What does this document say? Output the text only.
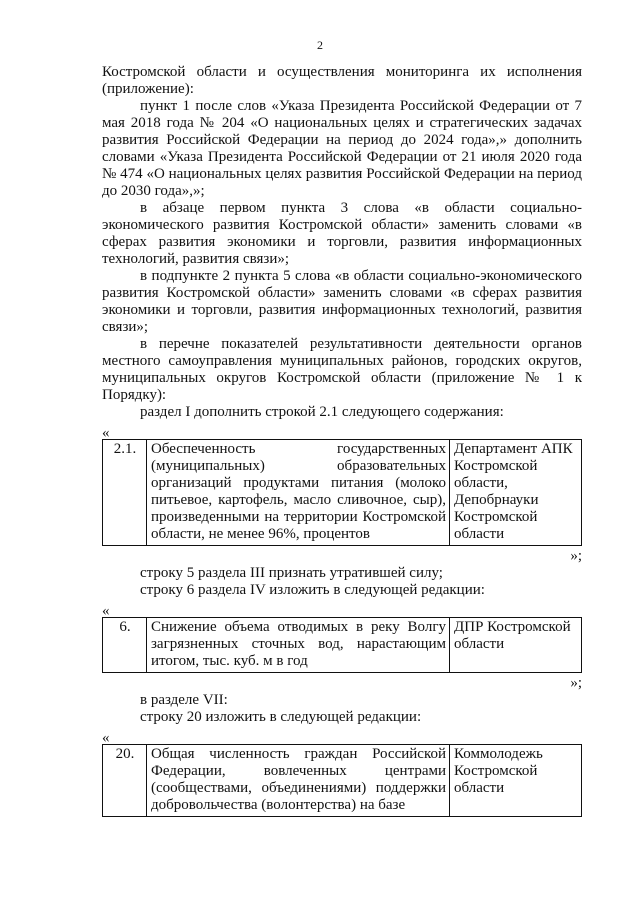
2

Костромской области и осуществления мониторинга их исполнения (приложение):

пункт 1 после слов «Указа Президента Российской Федерации от 7 мая 2018 года № 204 «О национальных целях и стратегических задачах развития Российской Федерации на период до 2024 года»,» дополнить словами «Указа Президента Российской Федерации от 21 июля 2020 года № 474 «О национальных целях развития Российской Федерации на период до 2030 года»,»;

в абзаце первом пункта 3 слова «в области социально-экономического развития Костромской области» заменить словами «в сферах развития экономики и торговли, развития информационных технологий, развития связи»;

в подпункте 2 пункта 5 слова «в области социально-экономического развития Костромской области» заменить словами «в сферах развития экономики и торговли, развития информационных технологий, развития связи»;

в перечне показателей результативности деятельности органов местного самоуправления муниципальных районов, городских округов, муниципальных округов Костромской области (приложение № 1 к Порядку):

раздел I дополнить строкой 2.1 следующего содержания:

«
2.1.	Обеспеченность государственных (муниципальных) образовательных организаций продуктами питания (молоко питьевое, картофель, масло сливочное, сыр), произведенными на территории Костромской области, не менее 96%, процентов	Департамент АПК Костромской области, Депобрнауки Костромской области

»;

строку 5 раздела III признать утратившей силу;

строку 6 раздела IV изложить в следующей редакции:

«
6.	Снижение объема отводимых в реку Волгу загрязненных сточных вод, нарастающим итогом, тыс. куб. м в год	ДПР Костромской области

»;

в разделе VII:

строку 20 изложить в следующей редакции:

«
20.	Общая численность граждан Российской Федерации, вовлеченных центрами (сообществами, объединениями) поддержки добровольчества (волонтерства) на базе	Коммолодежь Костромской области
